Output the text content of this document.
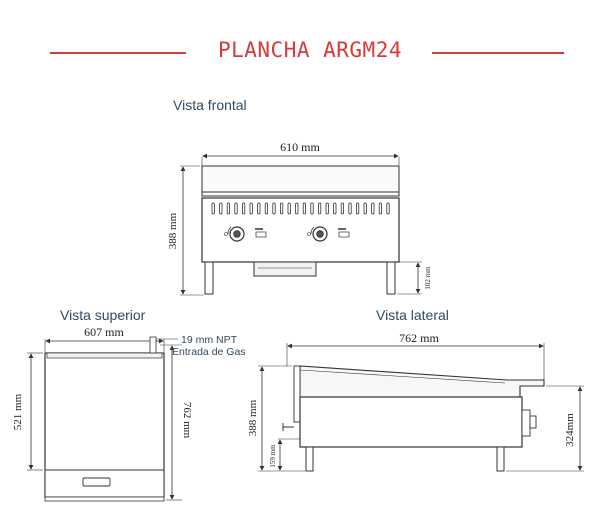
PLANCHA ARGM24
Vista frontal
Vista superior	Vista lateral
610 mm
388 mm
102 mm
607 mm
521 mm	762 mm
19 mm NPT
Entrada de Gas
762 mm
388 mm
159 mm
324mm
